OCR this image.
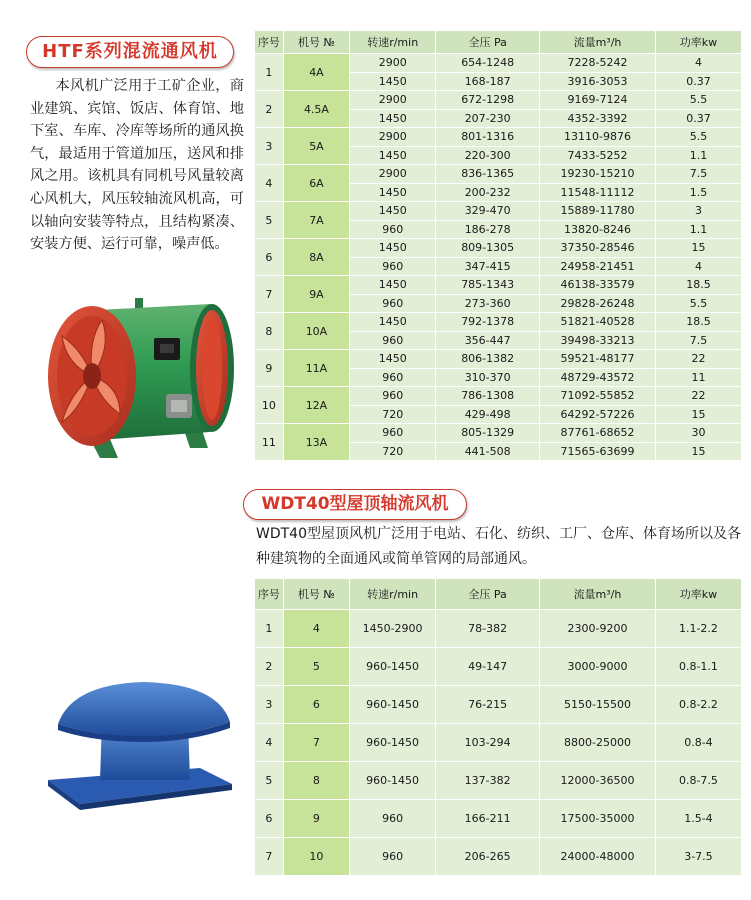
HTF系列混流通风机

本风机广泛用于工矿企业，商业建筑、宾馆、饭店、体育馆、地下室、车库、冷库等场所的通风换气，最适用于管道加压，送风和排风之用。该机具有同机号风量较离心风机大，风压较轴流风机高，可以轴向安装等特点，且结构紧凑、安装方便、运行可靠，噪声低。

序号	机号 №	转速r/min	全压 Pa	流量m³/h	功率kw
1	4A	2900	654-1248	7228-5242	4
		1450	168-187	3916-3053	0.37
2	4.5A	2900	672-1298	9169-7124	5.5
		1450	207-230	4352-3392	0.37
3	5A	2900	801-1316	13110-9876	5.5
		1450	220-300	7433-5252	1.1
4	6A	2900	836-1365	19230-15210	7.5
		1450	200-232	11548-11112	1.5
5	7A	1450	329-470	15889-11780	3
		960	186-278	13820-8246	1.1
6	8A	1450	809-1305	37350-28546	15
		960	347-415	24958-21451	4
7	9A	1450	785-1343	46138-33579	18.5
		960	273-360	29828-26248	5.5
8	10A	1450	792-1378	51821-40528	18.5
		960	356-447	39498-33213	7.5
9	11A	1450	806-1382	59521-48177	22
		960	310-370	48729-43572	11
10	12A	960	786-1308	71092-55852	22
		720	429-498	64292-57226	15
11	13A	960	805-1329	87761-68652	30
		720	441-508	71565-63699	15
WDT40型屋顶轴流风机

WDT40型屋顶风机广泛用于电站、石化、纺织、工厂、仓库、体育场所以及各种建筑物的全面通风或简单管网的局部通风。

序号	机号 №	转速r/min	全压 Pa	流量m³/h	功率kw
1	4	1450-2900	78-382	2300-9200	1.1-2.2
2	5	960-1450	49-147	3000-9000	0.8-1.1
3	6	960-1450	76-215	5150-15500	0.8-2.2
4	7	960-1450	103-294	8800-25000	0.8-4
5	8	960-1450	137-382	12000-36500	0.8-7.5
6	9	960	166-211	17500-35000	1.5-4
7	10	960	206-265	24000-48000	3-7.5
